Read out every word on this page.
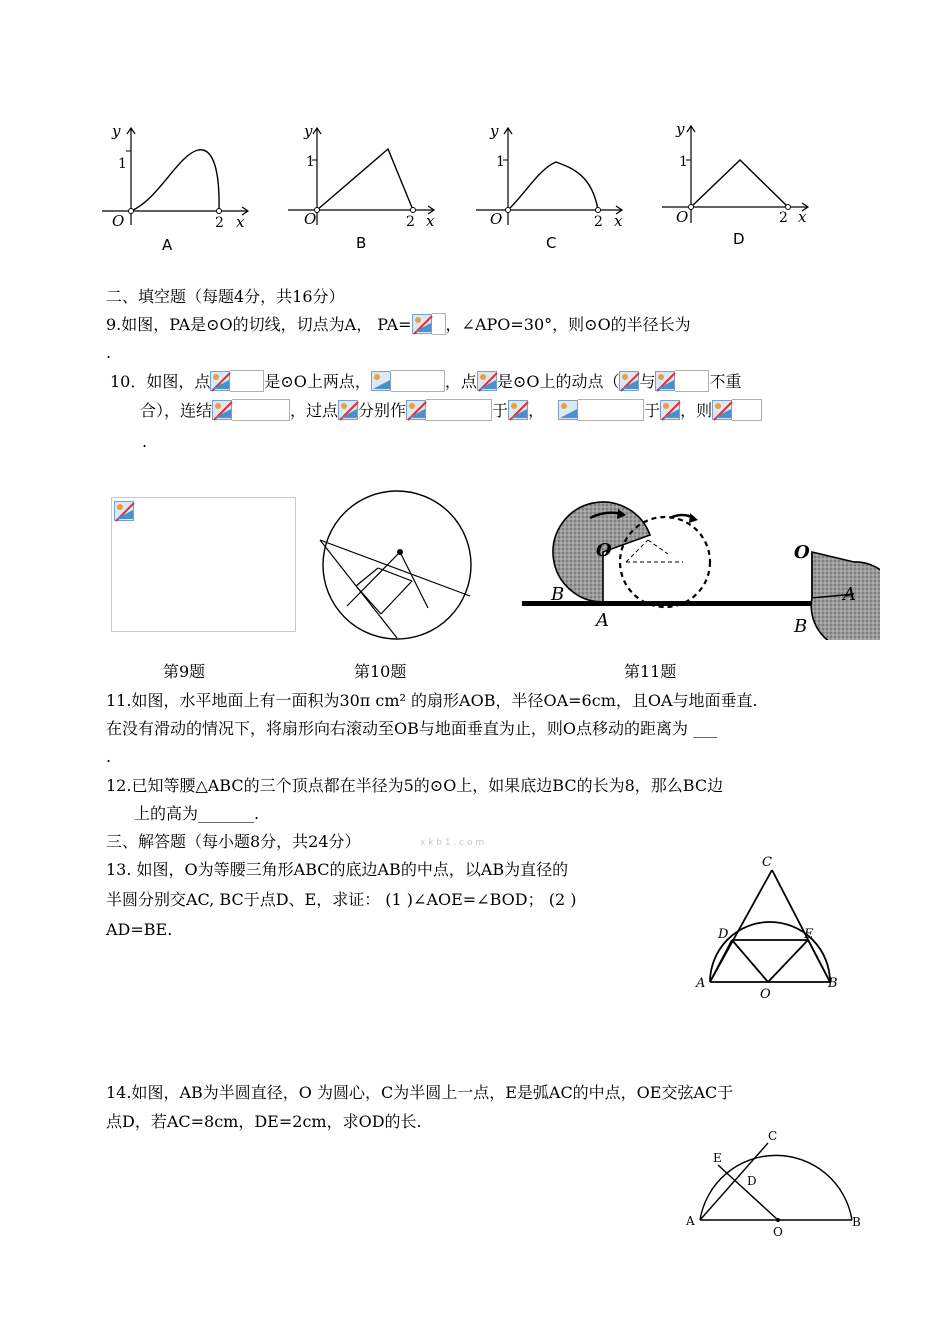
y
1
O	2 x
A
y
1
O	2 x
B
y
1
O	2 x
C
y
1
O	2 x
D
二、填空题（每题4分，共16分）
9.如图，PA是⊙O的切线，切点为A， PA= ，∠APO=30°，则⊙O的半径长为
.
10．如图，点	是⊙O上两点，	，点 是⊙O上的动点（ 与	不重
合），连结	，过点 分别作	于 ，	于 ，则
.
O
B
A
O
A
B
第9题	第10题	第11题
11.如图，水平地面上有一面积为30π cm² 的扇形AOB，半径OA=6cm，且OA与地面垂直.
在没有滑动的情况下，将扇形向右滚动至OB与地面垂直为止，则O点移动的距离为 ___
.
12.已知等腰△ABC的三个顶点都在半径为5的⊙O上，如果底边BC的长为8，那么BC边
上的高为_______.
三、解答题（每小题8分，共24分）	x k b 1 . c o m
13. 如图，O为等腰三角形ABC的底边AB的中点，以AB为直径的
半圆分别交AC, BC于点D、E，求证： (1 )∠AOE=∠BOD； (2 )
AD=BE.
C
D	E
A
O
B
14.如图，AB为半圆直径，O 为圆心，C为半圆上一点，E是弧AC的中点，OE交弦AC于
点D，若AC=8cm，DE=2cm，求OD的长.
C
E
D
A
O
B
